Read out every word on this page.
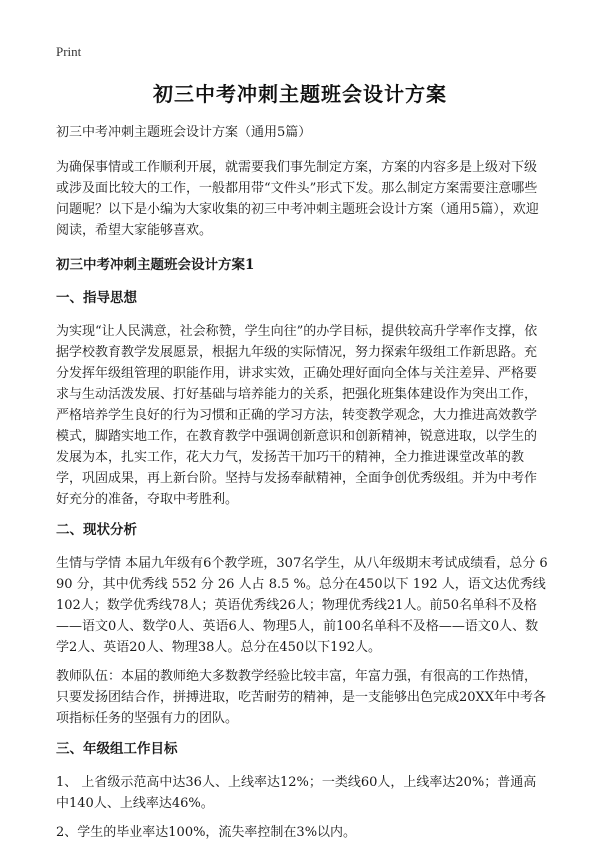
Print
初三中考冲刺主题班会设计方案

初三中考冲刺主题班会设计方案（通用5篇）

为确保事情或工作顺利开展，就需要我们事先制定方案，方案的内容多是上级对下级或涉及面比较大的工作，一般都用带“文件头”形式下发。那么制定方案需要注意哪些问题呢？以下是小编为大家收集的初三中考冲刺主题班会设计方案（通用5篇），欢迎阅读，希望大家能够喜欢。

初三中考冲刺主题班会设计方案1

一、指导思想

为实现“让人民满意，社会称赞，学生向往”的办学目标，提供较高升学率作支撑，依据学校教育教学发展愿景，根据九年级的实际情况，努力探索年级组工作新思路。充分发挥年级组管理的职能作用，讲求实效，正确处理好面向全体与关注差异、严格要求与生动活泼发展、打好基础与培养能力的关系，把强化班集体建设作为突出工作，严格培养学生良好的行为习惯和正确的学习方法，转变教学观念，大力推进高效教学模式，脚踏实地工作，在教育教学中强调创新意识和创新精神，锐意进取，以学生的发展为本，扎实工作，花大力气，发扬苦干加巧干的精神，全力推进课堂改革的教学，巩固成果，再上新台阶。坚持与发扬奉献精神，全面争创优秀级组。并为中考作好充分的准备，夺取中考胜利。

二、现状分析

生情与学情 本届九年级有6个教学班，307名学生，从八年级期末考试成绩看，总分 690 分，其中优秀线 552 分 26 人占 8.5 %。总分在450以下 192 人，语文达优秀线102人；数学优秀线78人；英语优秀线26人；物理优秀线21人。前50名单科不及格——语文0人、数学0人、英语6人、物理5人，前100名单科不及格——语文0人、数学2人、英语20人、物理38人。总分在450以下192人。

教师队伍：本届的教师绝大多数教学经验比较丰富，年富力强，有很高的工作热情，只要发扬团结合作，拼搏进取，吃苦耐劳的精神，是一支能够出色完成20XX年中考各项指标任务的坚强有力的团队。

三、年级组工作目标

1、 上省级示范高中达36人、上线率达12%；一类线60人，上线率达20%；普通高中140人、上线率达46%。

2、学生的毕业率达100%，流失率控制在3%以内。
